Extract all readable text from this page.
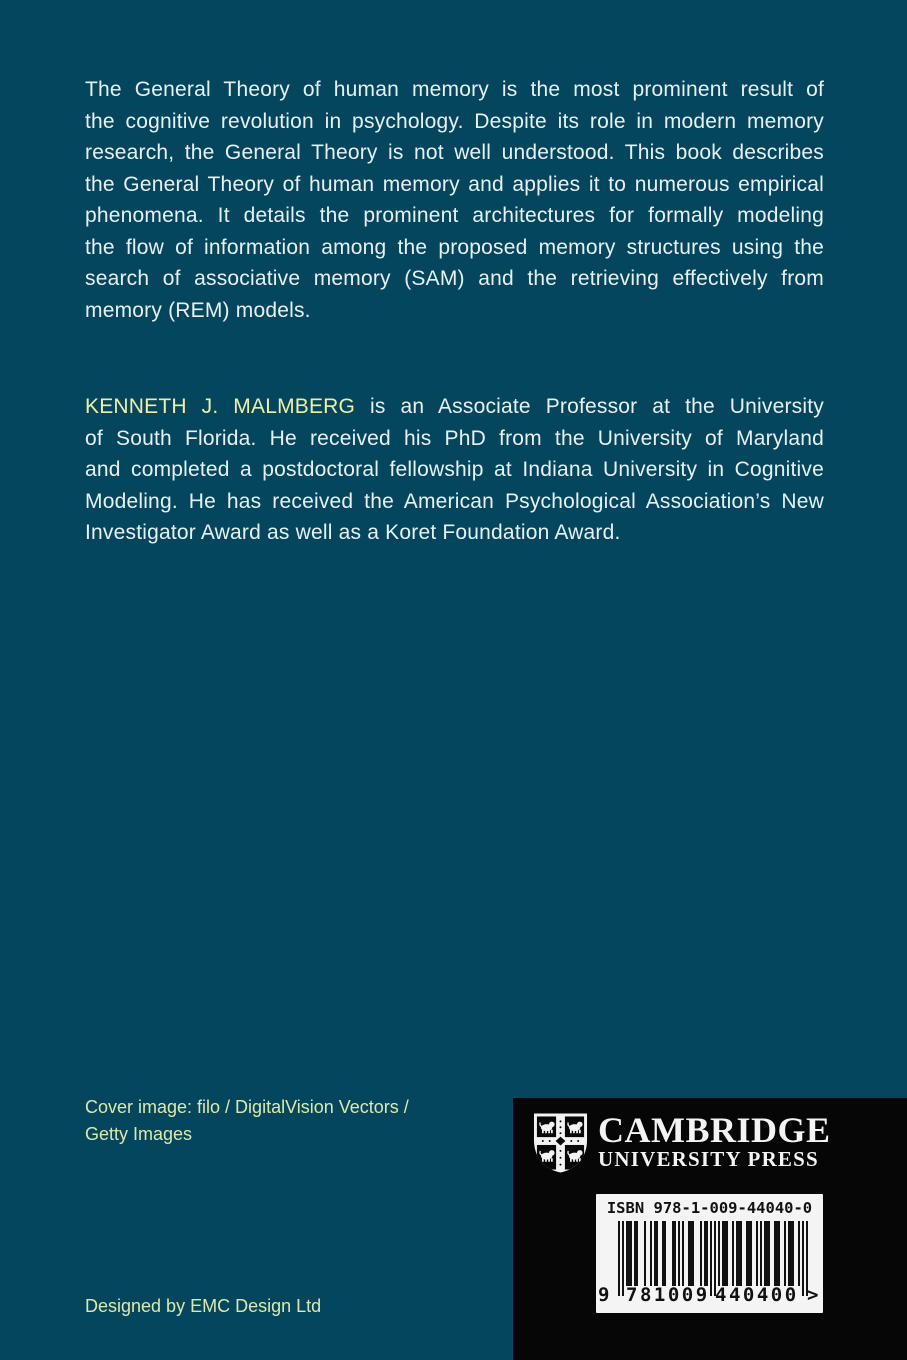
The General Theory of human memory is the most prominent result of
the cognitive revolution in psychology. Despite its role in modern memory
research, the General Theory is not well understood. This book describes
the General Theory of human memory and applies it to numerous empirical
phenomena. It details the prominent architectures for formally modeling
the flow of information among the proposed memory structures using the
search of associative memory (SAM) and the retrieving effectively from
memory (REM) models.
KENNETH J. MALMBERG is an Associate Professor at the University
of South Florida. He received his PhD from the University of Maryland
and completed a postdoctoral fellowship at Indiana University in Cognitive
Modeling. He has received the American Psychological Association’s New
Investigator Award as well as a Koret Foundation Award.
Cover image: filo / DigitalVision Vectors /
Getty Images
Designed by EMC Design Ltd
CAMBRIDGE
UNIVERSITY PRESS
ISBN 978-1-009-44040-0
9 781009 440400 >
